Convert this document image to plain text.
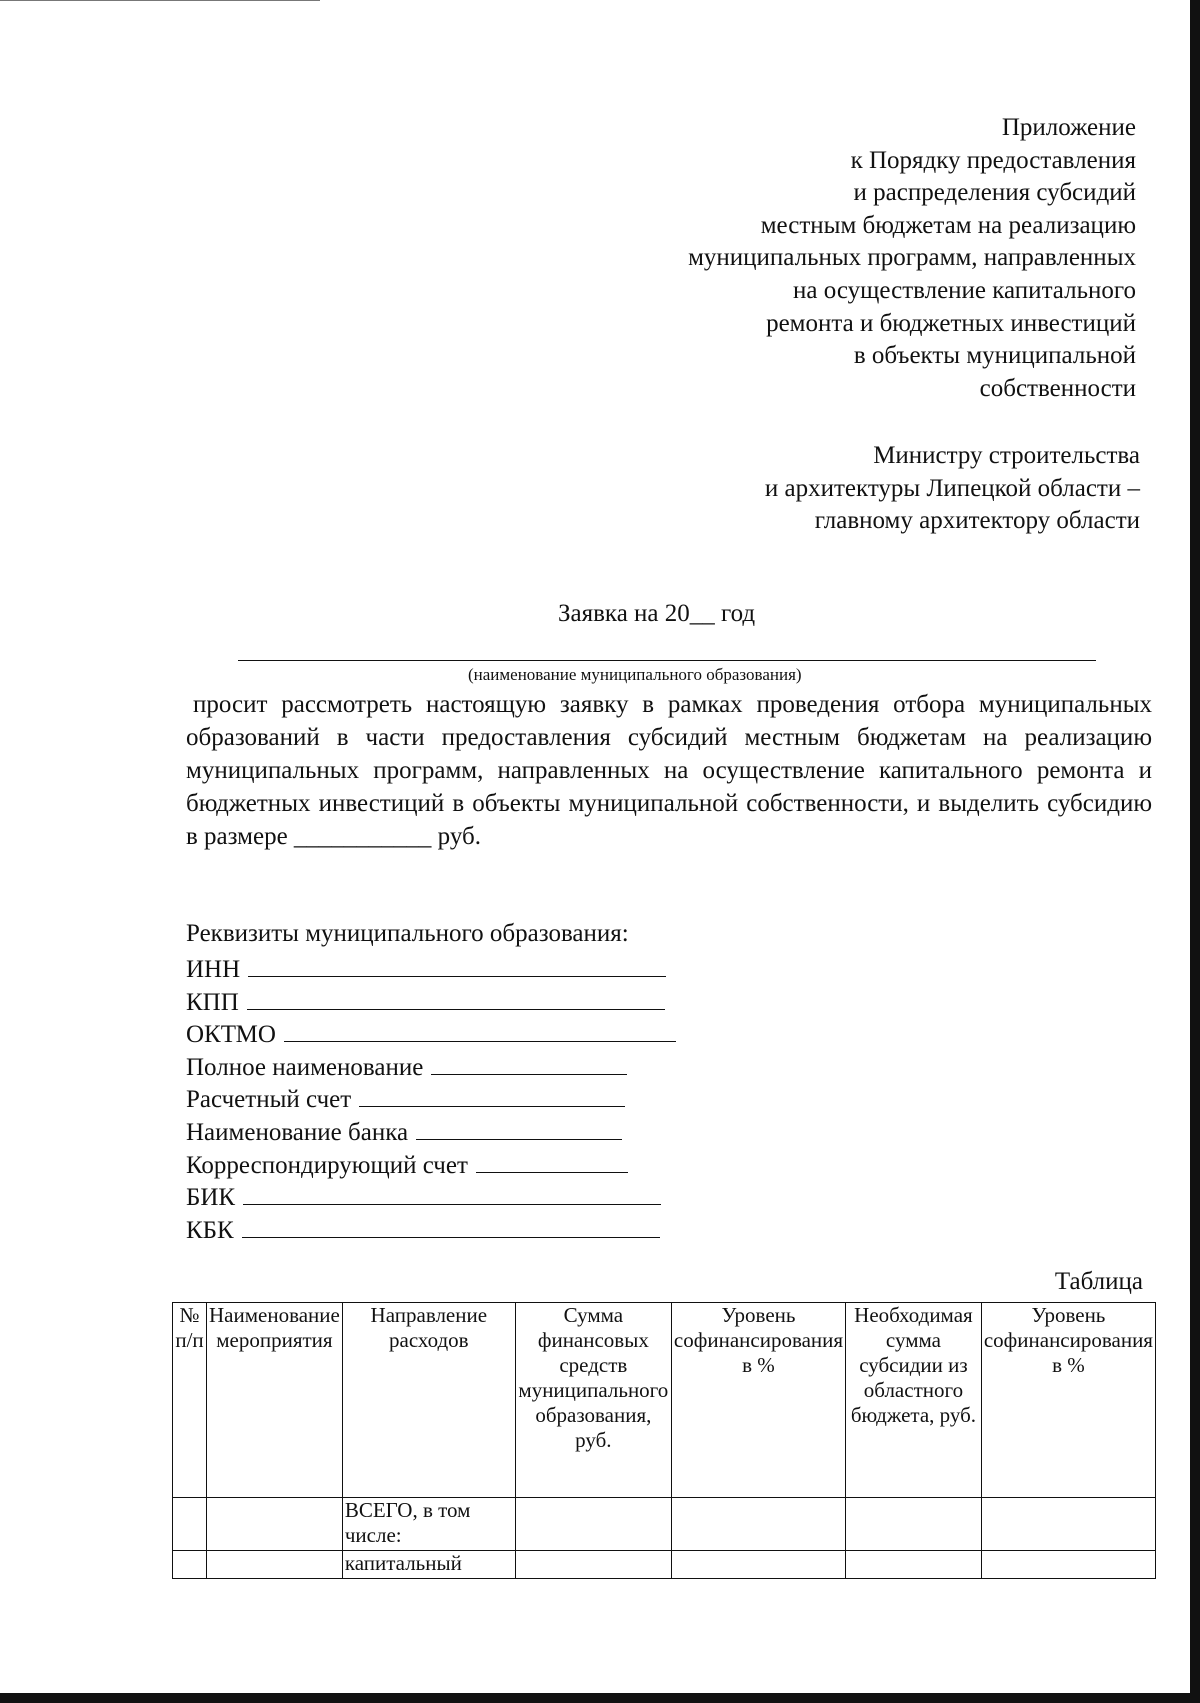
Приложение
к Порядку предоставления
и распределения субсидий
местным бюджетам на реализацию
муниципальных программ, направленных
на осуществление капитального
ремонта и бюджетных инвестиций
в объекты муниципальной
собственности
Министру строительства
и архитектуры Липецкой области –
главному архитектору области
Заявка на 20__ год
(наименование муниципального образования)
просит рассмотреть настоящую заявку в рамках проведения отбора муниципальных образований в части предоставления субсидий местным бюджетам на реализацию муниципальных программ, направленных на осуществление капитального ремонта и бюджетных инвестиций в объекты муниципальной собственности, и выделить субсидию в размере ___________ руб.
Реквизиты муниципального образования:
ИНН
КПП
ОКТМО
Полное наименование
Расчетный счет
Наименование банка
Корреспондирующий счет
БИК
КБК
Таблица
№ п/п	Наименование мероприятия	Направление расходов	Сумма финансовых средств муниципального образования, руб.	Уровень софинансирования в %	Необходимая сумма субсидии из областного бюджета, руб.	Уровень софинансирования в %
		ВСЕГО, в том числе:				
		капитальный				
